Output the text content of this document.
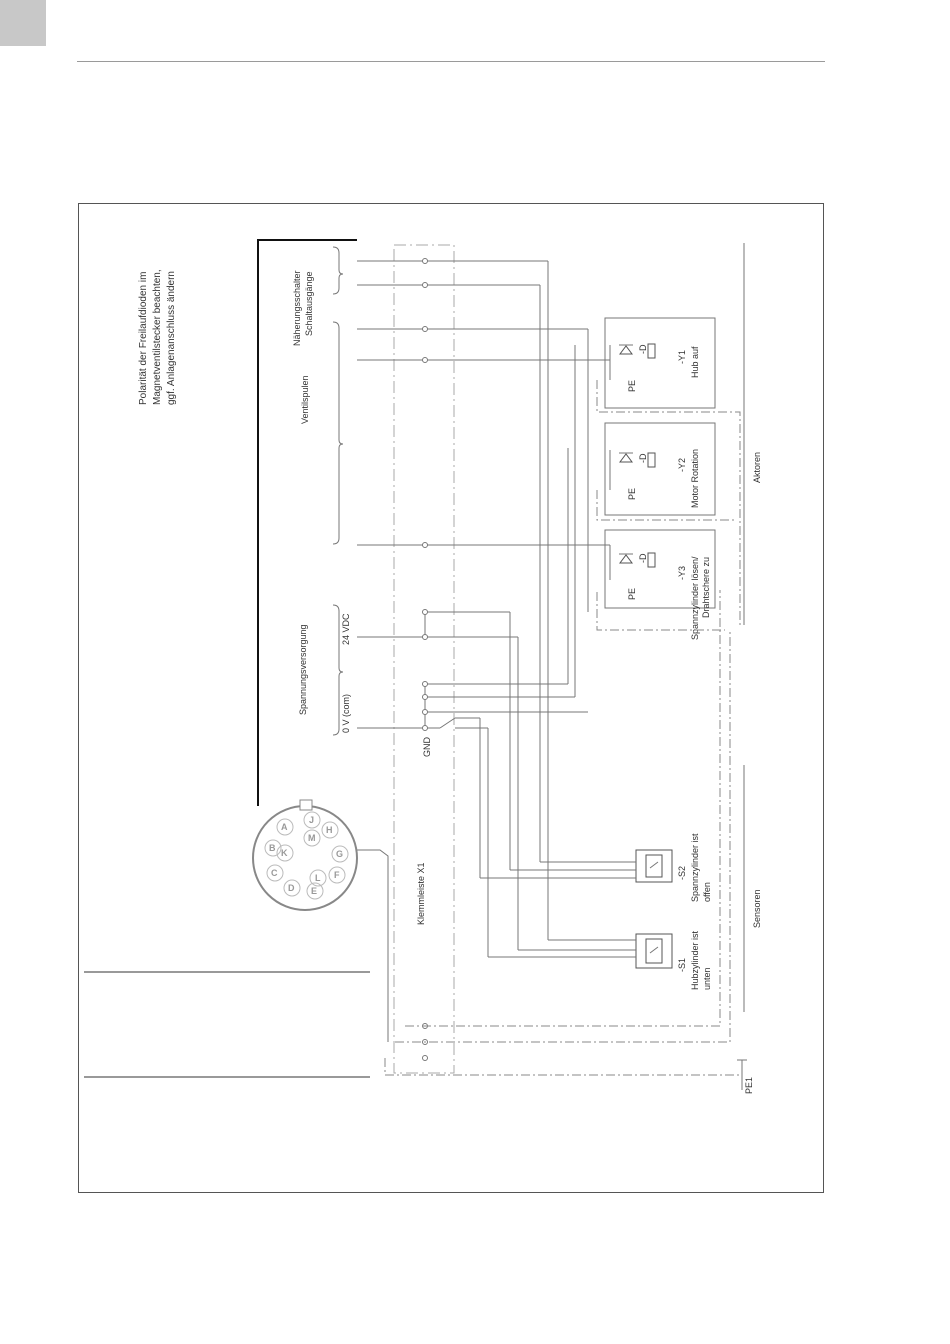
Polarität der Freilaufdioden im Magnetventilstecker beachten, ggf. Anlagenanschluss ändern	Näherungsschalter Schaltausgänge
Ventilspulen
Spannungsversorgung	24 VDC
0 V (com)
GND
Klemmleiste X1
-D
PE
-Y1 Hub auf
-D
PE
-Y2 Motor Rotation
-D
PE
-Y3 Spannzylinder lösen/ Drahtschere zu
-S2 Spannzylinder ist offen
-S1 Hubzylinder ist unten
Aktoren
Sensoren
PE1
A
J
H
B K
M
G
C	L F
D E
